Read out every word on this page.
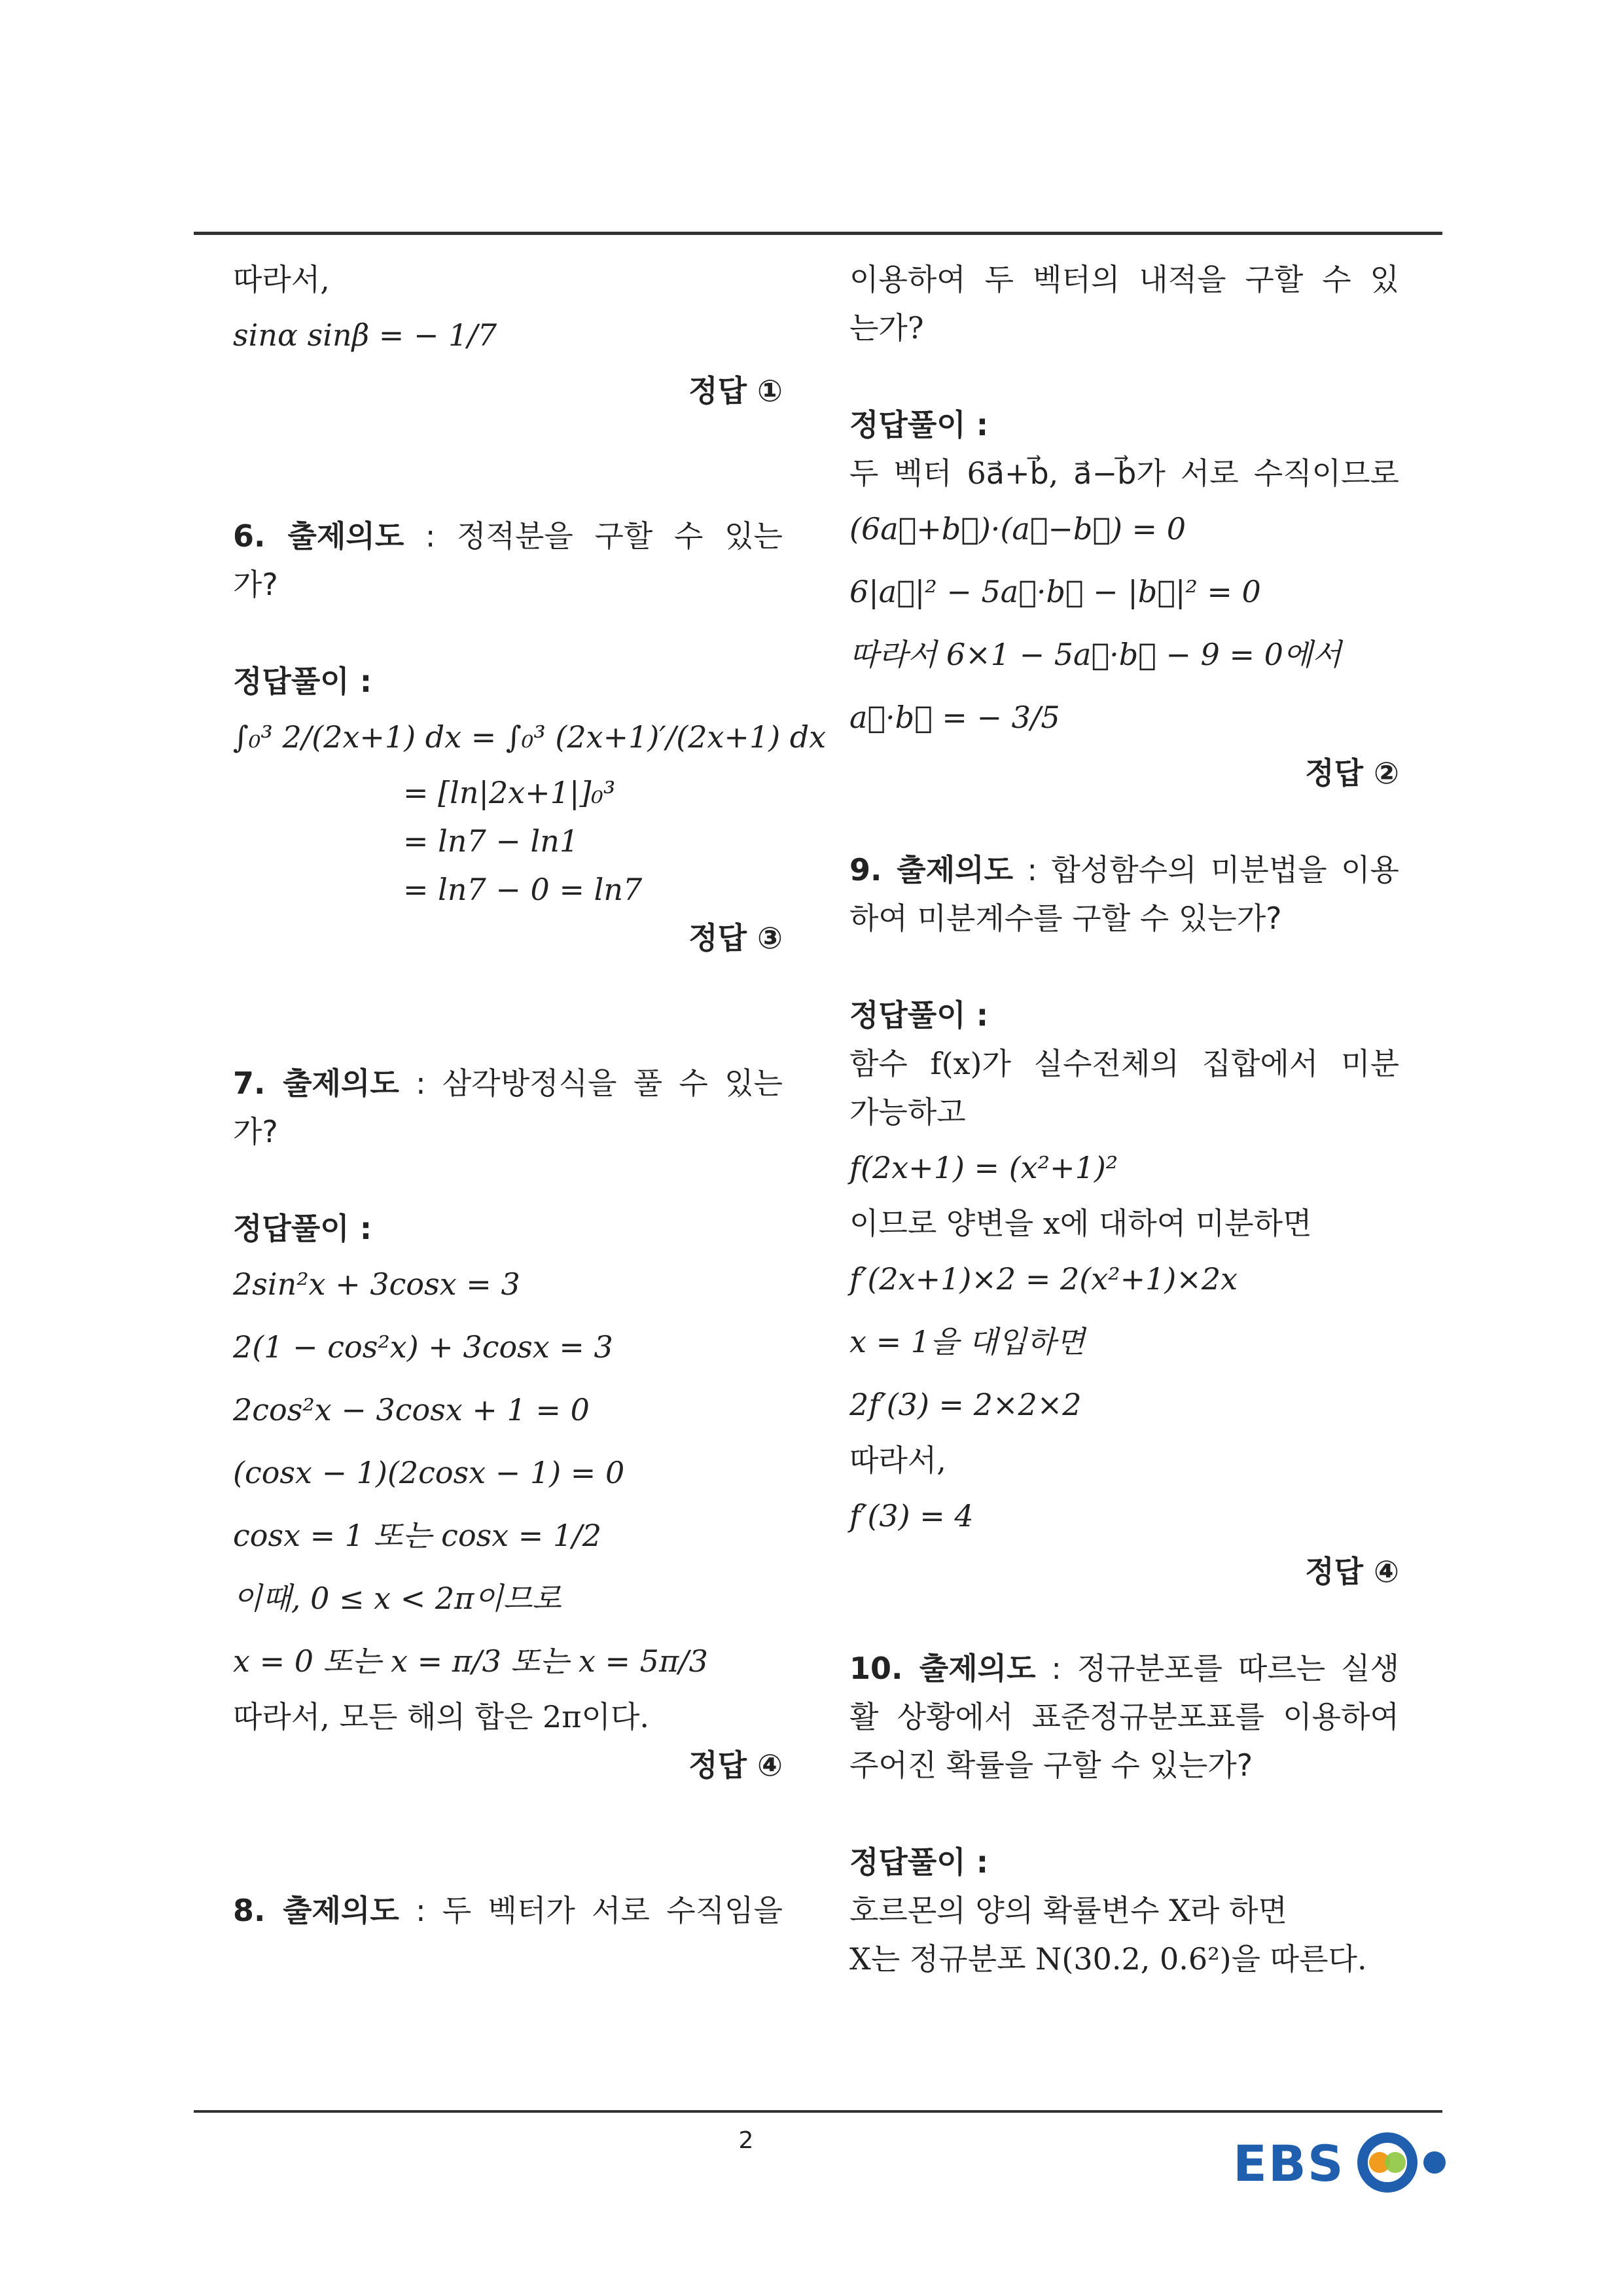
따라서,
sinα sinβ = − 1/7
정답 ①
6. 출제의도 : 정적분을 구할 수 있는
가?
정답풀이 :
∫₀³ 2/(2x+1) dx = ∫₀³ (2x+1)′/(2x+1) dx
= [ln|2x+1|]₀³
= ln7 − ln1
= ln7 − 0 = ln7
정답 ③
7. 출제의도 : 삼각방정식을 풀 수 있는
가?
정답풀이 :
2sin²x + 3cosx = 3
2(1 − cos²x) + 3cosx = 3
2cos²x − 3cosx + 1 = 0
(cosx − 1)(2cosx − 1) = 0
cosx = 1 또는 cosx = 1/2
이때, 0 ≤ x < 2π이므로
x = 0 또는 x = π/3 또는 x = 5π/3
따라서, 모든 해의 합은 2π이다.
정답 ④
8. 출제의도 : 두 벡터가 서로 수직임을
이용하여 두 벡터의 내적을 구할 수 있
는가?
정답풀이 :
두 벡터 6a⃗+b⃗, a⃗−b⃗가 서로 수직이므로
(6a⃗+b⃗)·(a⃗−b⃗) = 0
6|a⃗|² − 5a⃗·b⃗ − |b⃗|² = 0
따라서 6×1 − 5a⃗·b⃗ − 9 = 0에서
a⃗·b⃗ = − 3/5
정답 ②
9. 출제의도 : 합성함수의 미분법을 이용
하여 미분계수를 구할 수 있는가?
정답풀이 :
함수 f(x)가 실수전체의 집합에서 미분
가능하고
f(2x+1) = (x²+1)²
이므로 양변을 x에 대하여 미분하면
f′(2x+1)×2 = 2(x²+1)×2x
x = 1을 대입하면
2f′(3) = 2×2×2
따라서,
f′(3) = 4
정답 ④
10. 출제의도 : 정규분포를 따르는 실생
활 상황에서 표준정규분포표를 이용하여
주어진 확률을 구할 수 있는가?
정답풀이 :
호르몬의 양의 확률변수 X라 하면
X는 정규분포 N(30.2, 0.6²)을 따른다.
2	EBS
